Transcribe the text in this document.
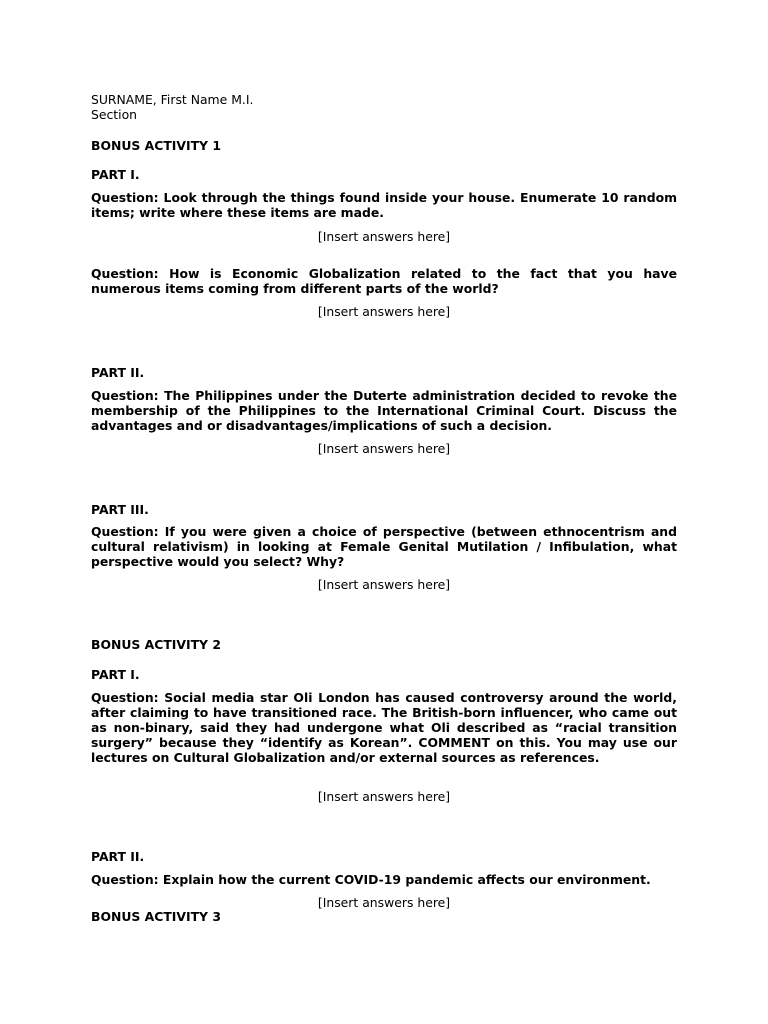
SURNAME, First Name M.I.
Section
BONUS ACTIVITY 1
PART I.
Question: Look through the things found inside your house. Enumerate 10 random items; write where these items are made.
[Insert answers here]
Question: How is Economic Globalization related to the fact that you have numerous items coming from different parts of the world?
[Insert answers here]
PART II.
Question: The Philippines under the Duterte administration decided to revoke the membership of the Philippines to the International Criminal Court. Discuss the advantages and or disadvantages/implications of such a decision.
[Insert answers here]
PART III.
Question: If you were given a choice of perspective (between ethnocentrism and cultural relativism) in looking at Female Genital Mutilation / Infibulation, what perspective would you select? Why?
[Insert answers here]
BONUS ACTIVITY 2
PART I.
Question: Social media star Oli London has caused controversy around the world, after claiming to have transitioned race. The British-born influencer, who came out as non-binary, said they had undergone what Oli described as “racial transition surgery” because they “identify as Korean”. COMMENT on this. You may use our lectures on Cultural Globalization and/or external sources as references.
[Insert answers here]
PART II.
Question: Explain how the current COVID-19 pandemic affects our environment.
[Insert answers here]
BONUS ACTIVITY 3
